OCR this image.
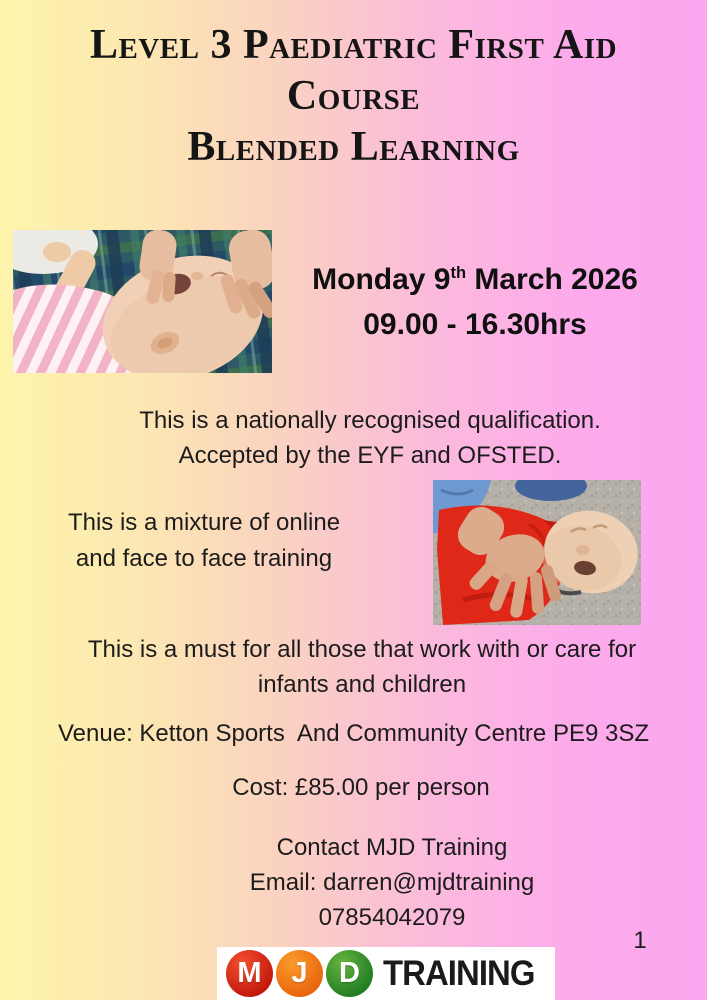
Level 3 Paediatric First Aid
Course
Blended Learning
Monday 9th March 2026
09.00 - 16.30hrs
This is a nationally recognised qualification.
Accepted by the EYF and OFSTED.
This is a mixture of online
and face to face training
This is a must for all those that work with or care for
infants and children
Venue: Ketton Sports  And Community Centre PE9 3SZ
Cost: £85.00 per person
Contact MJD Training
Email: darren@mjdtraining
07854042079
1
M J D TRAINING
